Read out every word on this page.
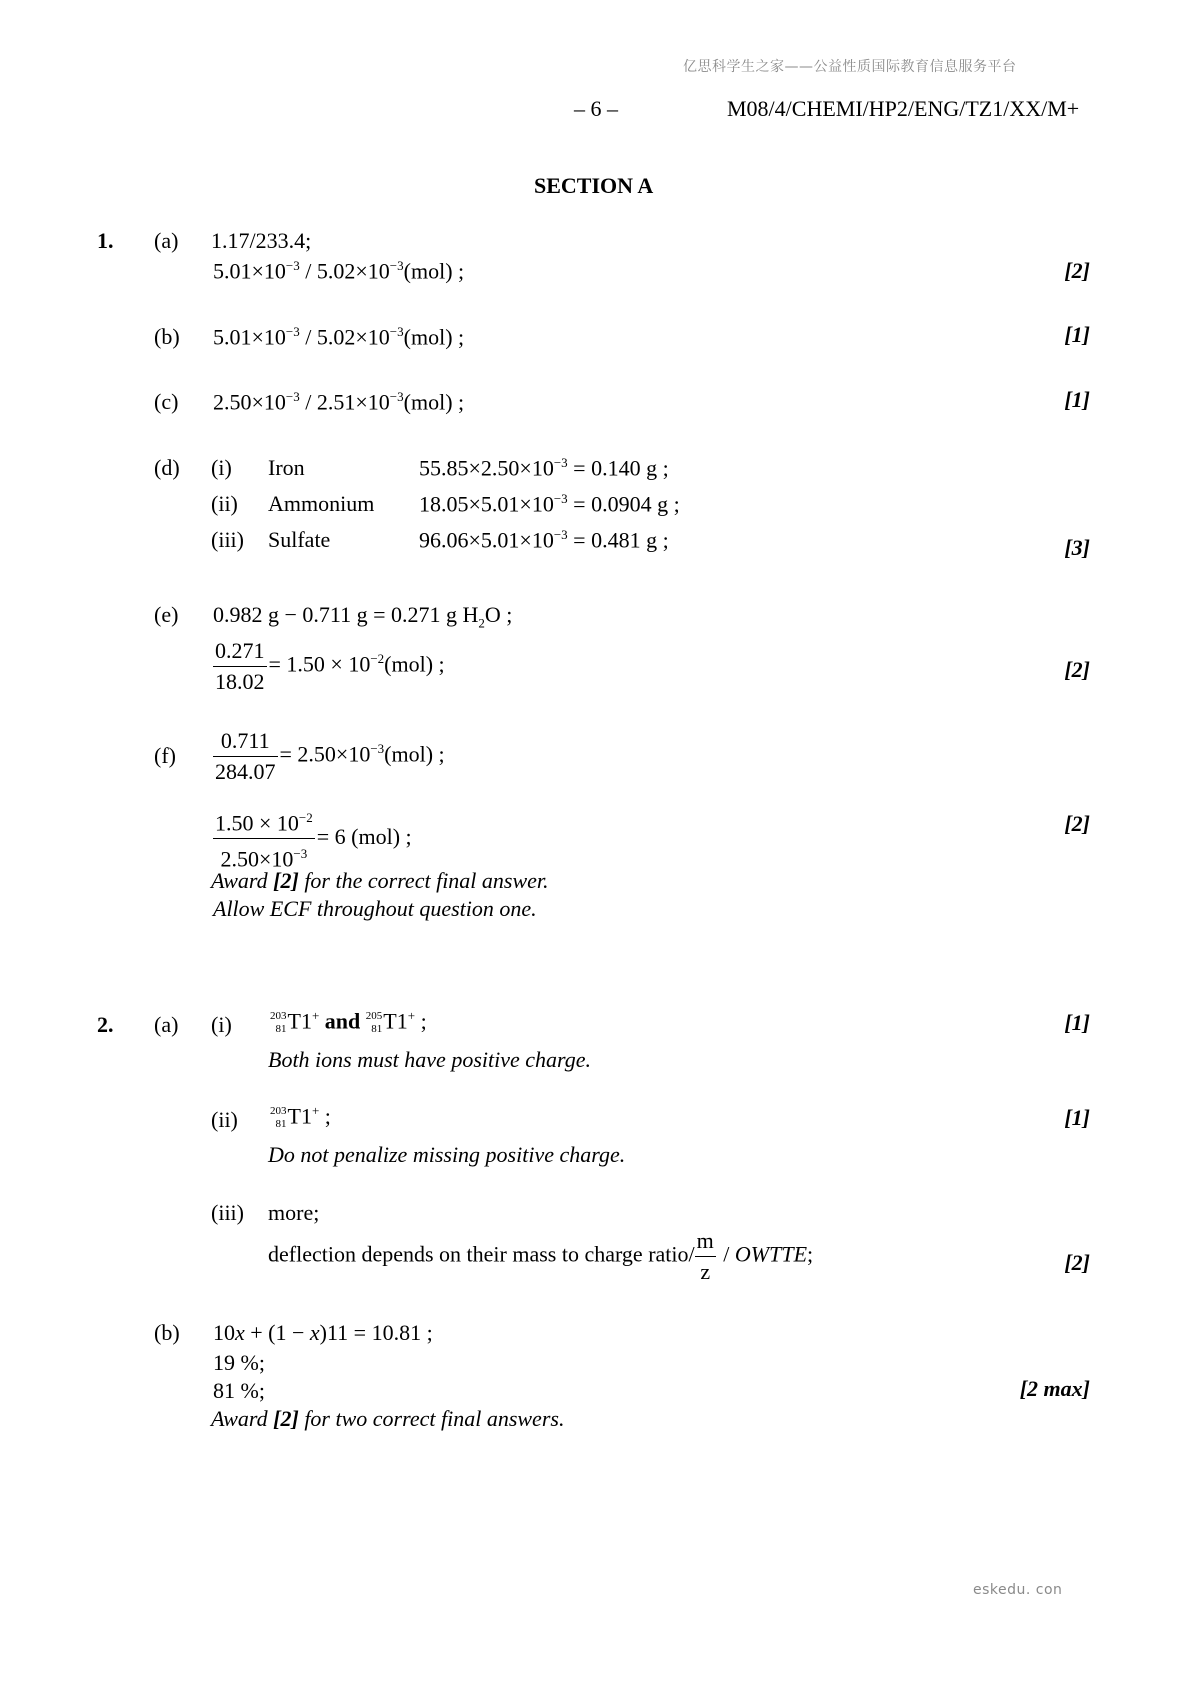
亿思科学生之家——公益性质国际教育信息服务平台
– 6 –	M08/4/CHEMI/HP2/ENG/TZ1/XX/M+
SECTION A
1. (a) 1.17/233.4;
$5.01\times 10^{-3} / 5.02\times 10^{-3}(mol)$ ;	[2]
(b) $5.01\times 10^{-3} / 5.02\times 10^{-3}(mol)$ ;	[1]
(c) $2.50\times 10^{-3} / 2.51\times 10^{-3}(mol)$ ;	[1]
(d) (i) Iron	$55.85\times 2.50\times 10^{-3} = 0.140$ g ;
(ii) Ammonium $18.05\times 5.01\times 10^{-3} = 0.0904$ g ;
(iii) Sulfate	$96.06\times 5.01\times 10^{-3} = 0.481$ g ;	[3]
(e) 0.982 g − 0.711 g = 0.271 g $H_2O$ ;
$\frac{0.271}{18.02} = 1.50 \times 10^{-2}(mol)$ ;	[2]
$(f) \frac{0.711}{284.07} = 2.50\times 10^{-3}(mol)$ ;
$\frac{1.50 \times 10^{-2}}{2.50\times 10^{-3}} = 6$ (mol) ;
[2]
Award [2] for the correct final answer.
Allow ECF throughout question one.
2. (a) (i)	203
81 T1+ and 205
81 T1+ ;	[1]
Both ions must have positive charge.
(ii)	203
81 T1+ ;	[1]
Do not penalize missing positive charge.
(iii) more;
deflection depends on their mass to charge ratio/ $\frac{m}{z}$ / OWTTE;	[2]
(b) 10x + (1 − x)11 = 10.81 ;
19 %;
81 %;	[2 max]
Award [2] for two correct final answers.
eskedu. con
